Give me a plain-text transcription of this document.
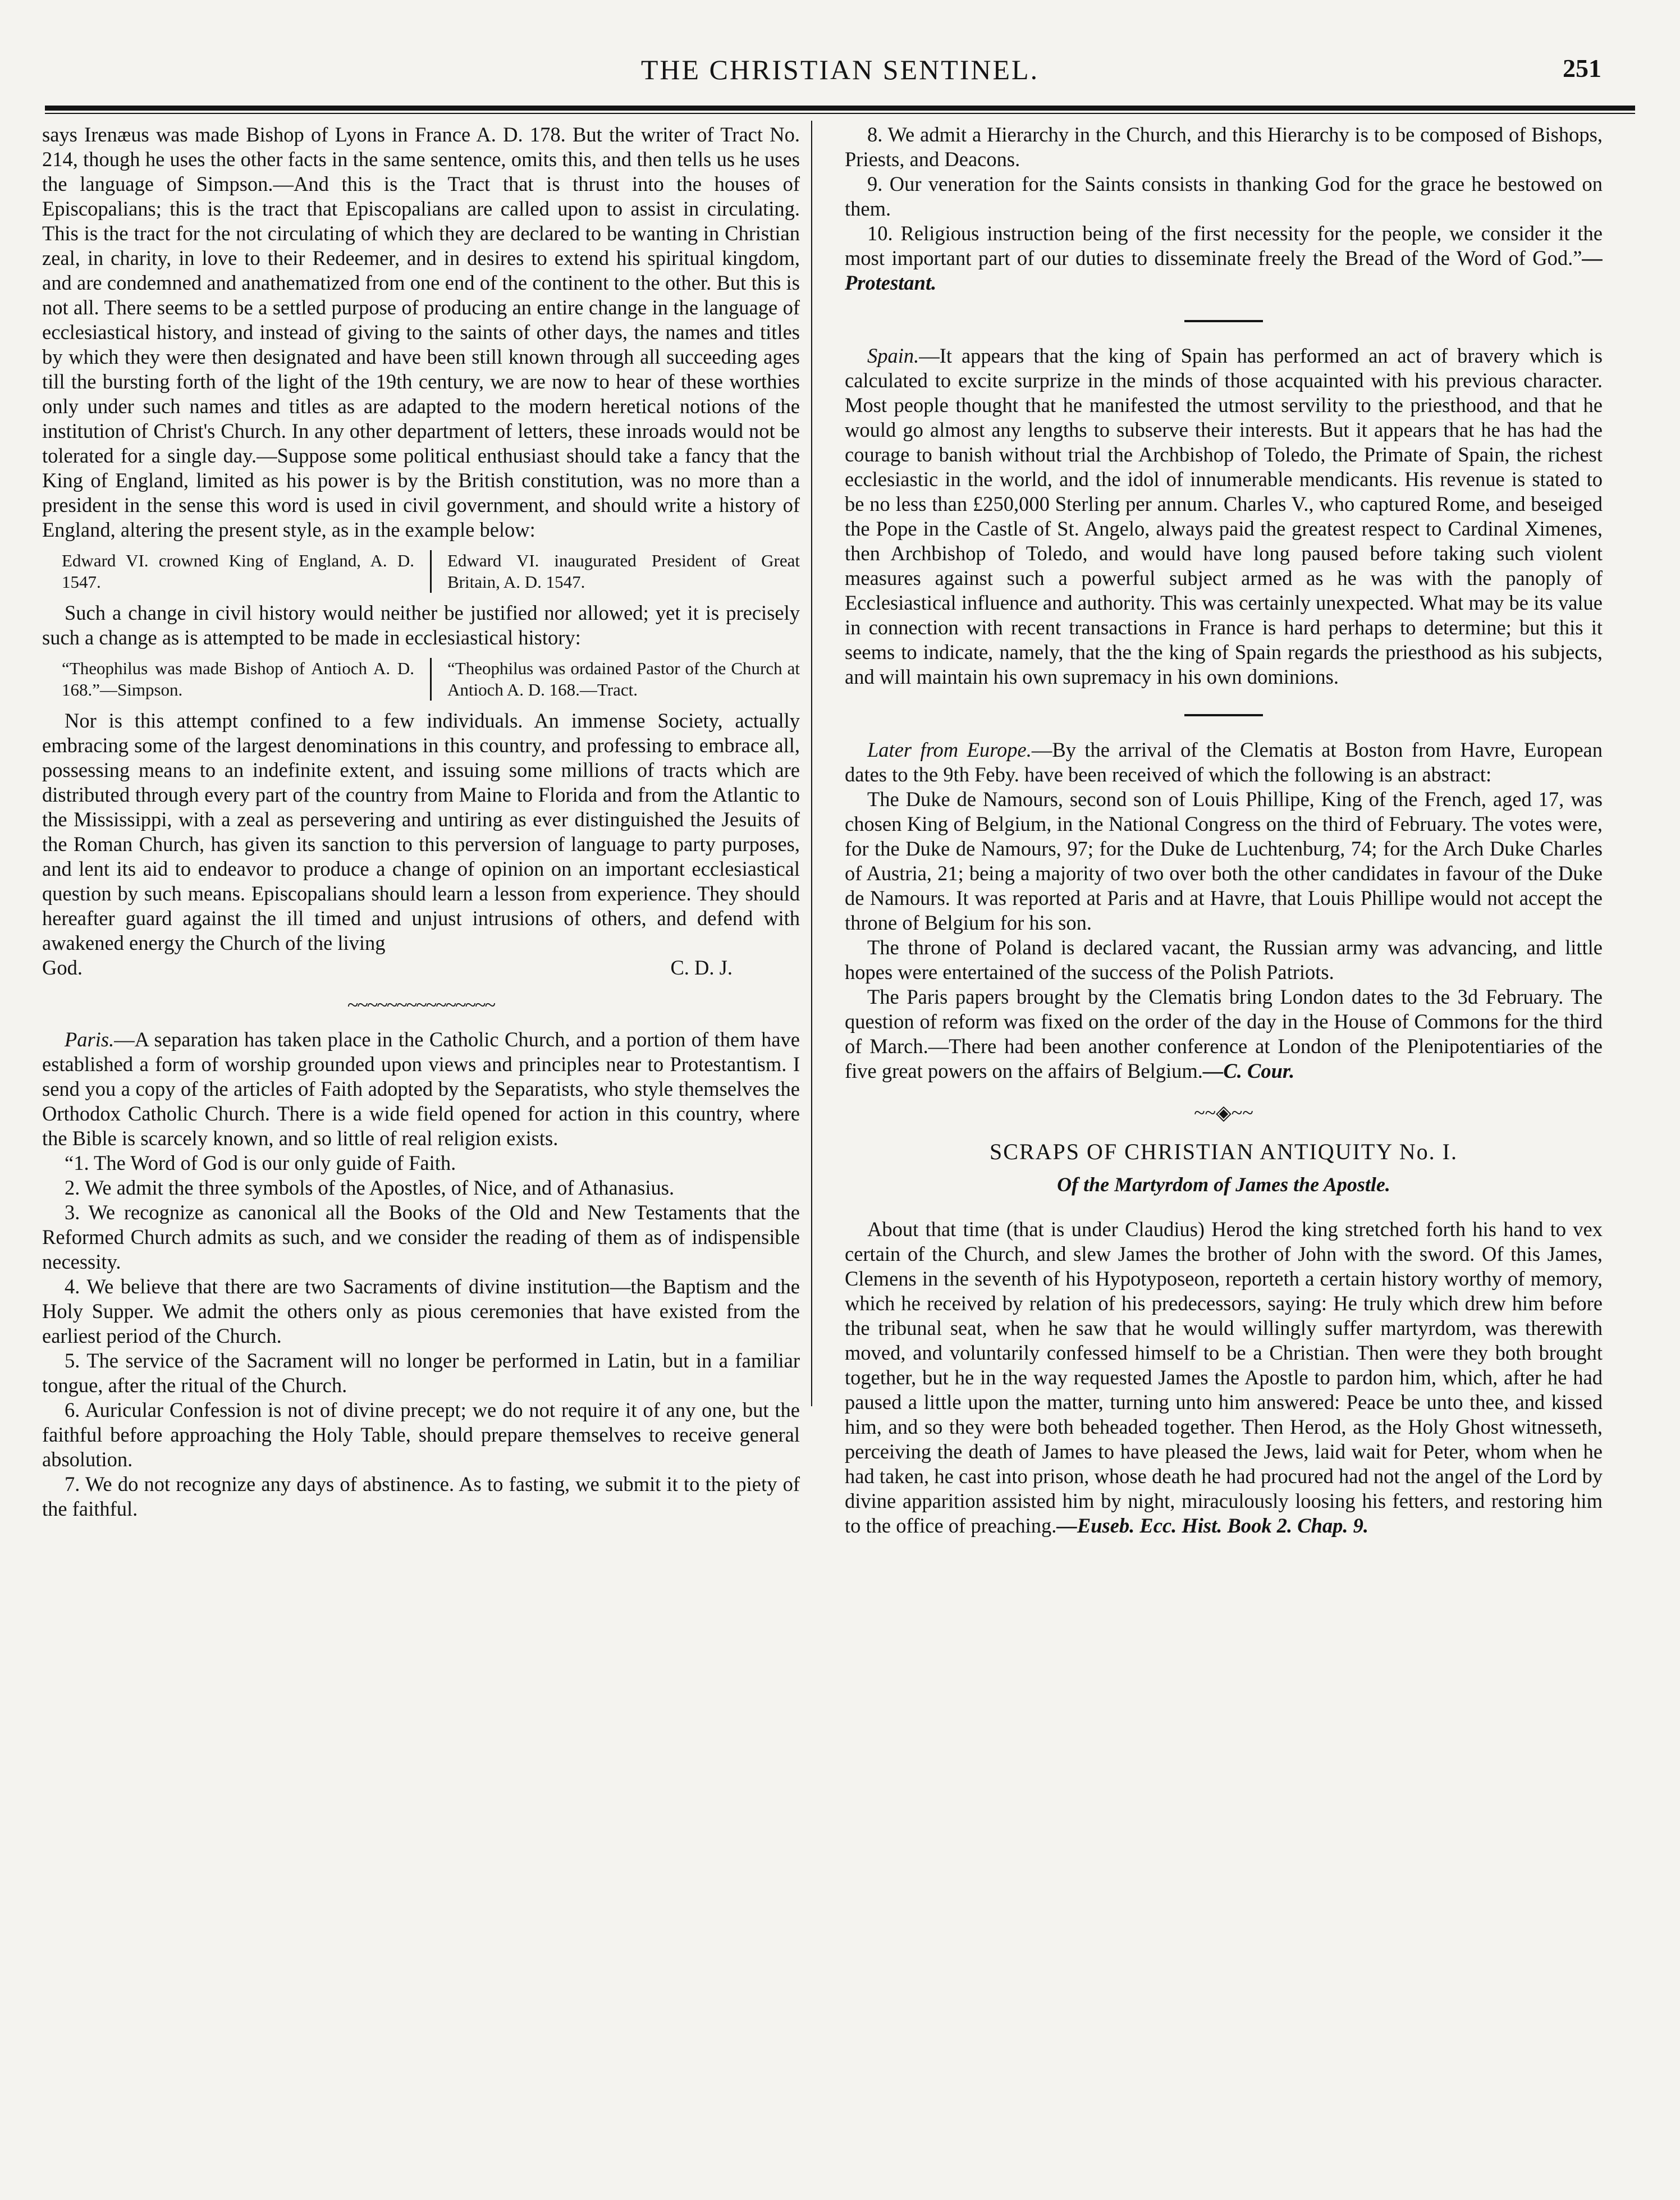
THE CHRISTIAN SENTINEL.	251

says Irenæus was made Bishop of Lyons in France A. D. 178. But the writer of Tract No. 214, though he uses the other facts in the same sentence, omits this, and then tells us he uses the language of Simpson.—And this is the Tract that is thrust into the houses of Episcopalians; this is the tract that Episcopalians are called upon to assist in circulating. This is the tract for the not circulating of which they are declared to be wanting in Christian zeal, in charity, in love to their Redeemer, and in desires to extend his spiritual kingdom, and are condemned and anathematized from one end of the continent to the other. But this is not all. There seems to be a settled purpose of producing an entire change in the language of ecclesiastical history, and instead of giving to the saints of other days, the names and titles by which they were then designated and have been still known through all succeeding ages till the bursting forth of the light of the 19th century, we are now to hear of these worthies only under such names and titles as are adapted to the modern heretical notions of the institution of Christ's Church. In any other department of letters, these inroads would not be tolerated for a single day.—Suppose some political enthusiast should take a fancy that the King of England, limited as his power is by the British constitution, was no more than a president in the sense this word is used in civil government, and should write a history of England, altering the present style, as in the example below:

Edward VI. crowned King of England, A. D. 1547.
Edward VI. inaugurated President of Great Britain, A. D. 1547.

Such a change in civil history would neither be justified nor allowed; yet it is precisely such a change as is attempted to be made in ecclesiastical history:

“Theophilus was made Bishop of Antioch A. D. 168.”—Simpson.
“Theophilus was ordained Pastor of the Church at Antioch A. D. 168.—Tract.

Nor is this attempt confined to a few individuals. An immense Society, actually embracing some of the largest denominations in this country, and professing to embrace all, possessing means to an indefinite extent, and issuing some millions of tracts which are distributed through every part of the country from Maine to Florida and from the Atlantic to the Mississippi, with a zeal as persevering and untiring as ever distinguished the Jesuits of the Roman Church, has given its sanction to this perversion of language to party purposes, and lent its aid to endeavor to produce a change of opinion on an important ecclesiastical question by such means. Episcopalians should learn a lesson from experience. They should hereafter guard against the ill timed and unjust intrusions of others, and defend with awakened energy the Church of the living

God.	C. D. J.
~~~~~~~~~~~~~~~

Paris.—A separation has taken place in the Catholic Church, and a portion of them have established a form of worship grounded upon views and principles near to Protestantism. I send you a copy of the articles of Faith adopted by the Separatists, who style themselves the Orthodox Catholic Church. There is a wide field opened for action in this country, where the Bible is scarcely known, and so little of real religion exists.

“1. The Word of God is our only guide of Faith.

2. We admit the three symbols of the Apostles, of Nice, and of Athanasius.

3. We recognize as canonical all the Books of the Old and New Testaments that the Reformed Church admits as such, and we consider the reading of them as of indispensible necessity.

4. We believe that there are two Sacraments of divine institution—the Baptism and the Holy Supper. We admit the others only as pious ceremonies that have existed from the earliest period of the Church.

5. The service of the Sacrament will no longer be performed in Latin, but in a familiar tongue, after the ritual of the Church.

6. Auricular Confession is not of divine precept; we do not require it of any one, but the faithful before approaching the Holy Table, should prepare themselves to receive general absolution.

7. We do not recognize any days of abstinence. As to fasting, we submit it to the piety of the faithful.

8. We admit a Hierarchy in the Church, and this Hierarchy is to be composed of Bishops, Priests, and Deacons.

9. Our veneration for the Saints consists in thanking God for the grace he bestowed on them.

10. Religious instruction being of the first necessity for the people, we consider it the most important part of our duties to disseminate freely the Bread of the Word of God.”—Protestant.

Spain.—It appears that the king of Spain has performed an act of bravery which is calculated to excite surprize in the minds of those acquainted with his previous character. Most people thought that he manifested the utmost servility to the priesthood, and that he would go almost any lengths to subserve their interests. But it appears that he has had the courage to banish without trial the Archbishop of Toledo, the Primate of Spain, the richest ecclesiastic in the world, and the idol of innumerable mendicants. His revenue is stated to be no less than £250,000 Sterling per annum. Charles V., who captured Rome, and beseiged the Pope in the Castle of St. Angelo, always paid the greatest respect to Cardinal Ximenes, then Archbishop of Toledo, and would have long paused before taking such violent measures against such a powerful subject armed as he was with the panoply of Ecclesiastical influence and authority. This was certainly unexpected. What may be its value in connection with recent transactions in France is hard perhaps to determine; but this it seems to indicate, namely, that the the king of Spain regards the priesthood as his subjects, and will maintain his own supremacy in his own dominions.

Later from Europe.—By the arrival of the Clematis at Boston from Havre, European dates to the 9th Feby. have been received of which the following is an abstract:

The Duke de Namours, second son of Louis Phillipe, King of the French, aged 17, was chosen King of Belgium, in the National Congress on the third of February. The votes were, for the Duke de Namours, 97; for the Duke de Luchtenburg, 74; for the Arch Duke Charles of Austria, 21; being a majority of two over both the other candidates in favour of the Duke de Namours. It was reported at Paris and at Havre, that Louis Phillipe would not accept the throne of Belgium for his son.

The throne of Poland is declared vacant, the Russian army was advancing, and little hopes were entertained of the success of the Polish Patriots.

The Paris papers brought by the Clematis bring London dates to the 3d February. The question of reform was fixed on the order of the day in the House of Commons for the third of March.—There had been another conference at London of the Plenipotentiaries of the five great powers on the affairs of Belgium.—C. Cour.

~~◈~~
SCRAPS OF CHRISTIAN ANTIQUITY No. I.
Of the Martyrdom of James the Apostle.

About that time (that is under Claudius) Herod the king stretched forth his hand to vex certain of the Church, and slew James the brother of John with the sword. Of this James, Clemens in the seventh of his Hypotyposeon, reporteth a certain history worthy of memory, which he received by relation of his predecessors, saying: He truly which drew him before the tribunal seat, when he saw that he would willingly suffer martyrdom, was therewith moved, and voluntarily confessed himself to be a Christian. Then were they both brought together, but he in the way requested James the Apostle to pardon him, which, after he had paused a little upon the matter, turning unto him answered: Peace be unto thee, and kissed him, and so they were both beheaded together. Then Herod, as the Holy Ghost witnesseth, perceiving the death of James to have pleased the Jews, laid wait for Peter, whom when he had taken, he cast into prison, whose death he had procured had not the angel of the Lord by divine apparition assisted him by night, miraculously loosing his fetters, and restoring him to the office of preaching.—Euseb. Ecc. Hist. Book 2. Chap. 9.
